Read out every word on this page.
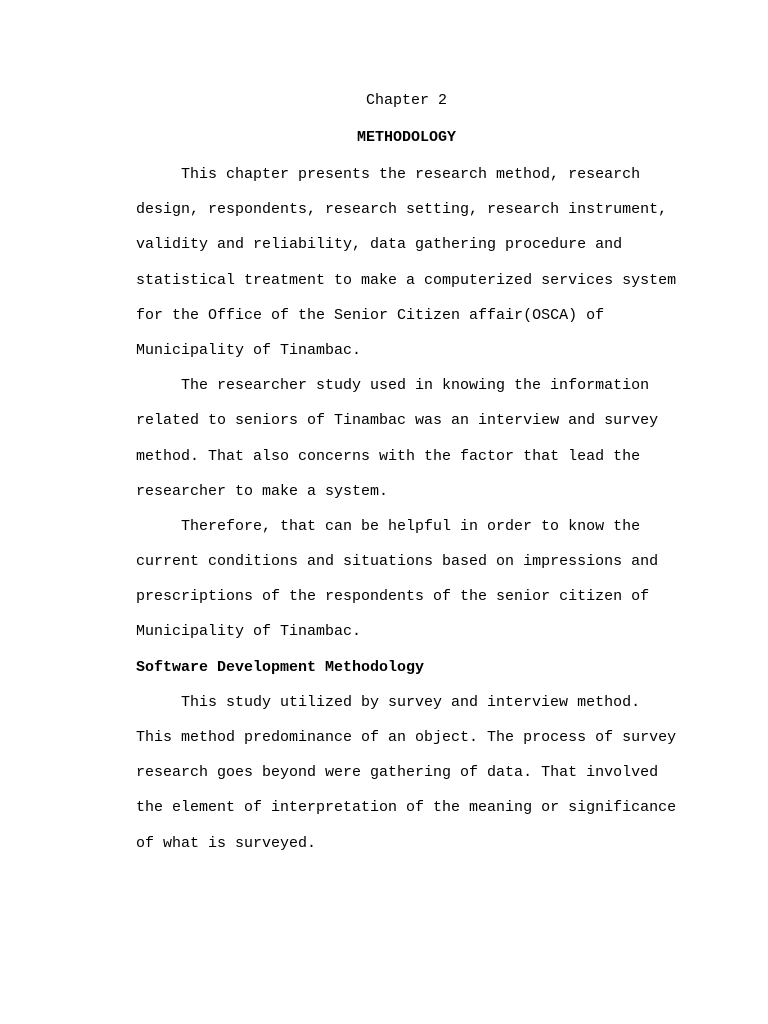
Chapter 2

METHODOLOGY

This chapter presents the research method, research

design, respondents, research setting, research instrument,

validity and reliability, data gathering procedure and

statistical treatment to make a computerized services system

for the Office of the Senior Citizen affair(OSCA) of

Municipality of Tinambac.

The researcher study used in knowing the information

related to seniors of Tinambac was an interview and survey

method. That also concerns with the factor that lead the

researcher to make a system.

Therefore, that can be helpful in order to know the

current conditions and situations based on impressions and

prescriptions of the respondents of the senior citizen of

Municipality of Tinambac.

Software Development Methodology

This study utilized by survey and interview method.

This method predominance of an object. The process of survey

research goes beyond were gathering of data. That involved

the element of interpretation of the meaning or significance

of what is surveyed.
